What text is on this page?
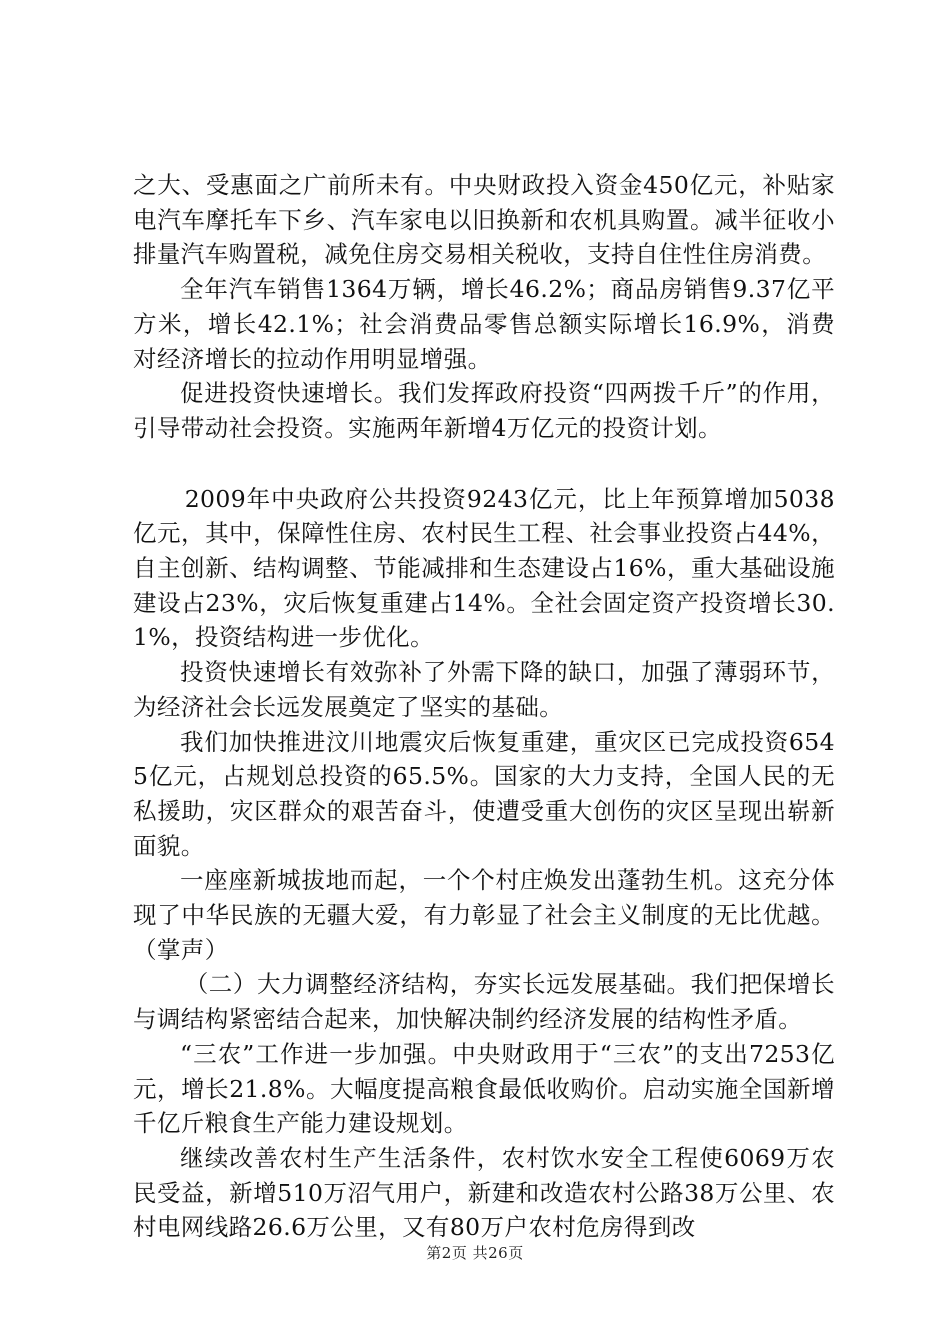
之大、受惠面之广前所未有。中央财政投入资金450亿元，补贴家电汽车摩托车下乡、汽车家电以旧换新和农机具购置。减半征收小排量汽车购置税，减免住房交易相关税收，支持自住性住房消费。

全年汽车销售1364万辆，增长46.2%；商品房销售9.37亿平方米，增长42.1%；社会消费品零售总额实际增长16.9%，消费对经济增长的拉动作用明显增强。

促进投资快速增长。我们发挥政府投资“四两拨千斤”的作用，引导带动社会投资。实施两年新增4万亿元的投资计划。

2009年中央政府公共投资9243亿元，比上年预算增加5038亿元，其中，保障性住房、农村民生工程、社会事业投资占44%，自主创新、结构调整、节能减排和生态建设占16%，重大基础设施建设占23%，灾后恢复重建占14%。全社会固定资产投资增长30.1%，投资结构进一步优化。

投资快速增长有效弥补了外需下降的缺口，加强了薄弱环节，为经济社会长远发展奠定了坚实的基础。

我们加快推进汶川地震灾后恢复重建，重灾区已完成投资6545亿元，占规划总投资的65.5%。国家的大力支持，全国人民的无私援助，灾区群众的艰苦奋斗，使遭受重大创伤的灾区呈现出崭新面貌。

一座座新城拔地而起，一个个村庄焕发出蓬勃生机。这充分体现了中华民族的无疆大爱，有力彰显了社会主义制度的无比优越。（掌声）

（二）大力调整经济结构，夯实长远发展基础。我们把保增长与调结构紧密结合起来，加快解决制约经济发展的结构性矛盾。

“三农”工作进一步加强。中央财政用于“三农”的支出7253亿元，增长21.8%。大幅度提高粮食最低收购价。启动实施全国新增千亿斤粮食生产能力建设规划。

继续改善农村生产生活条件，农村饮水安全工程使6069万农民受益，新增510万沼气用户，新建和改造农村公路38万公里、农村电网线路26.6万公里，又有80万户农村危房得到改

第2页 共26页
